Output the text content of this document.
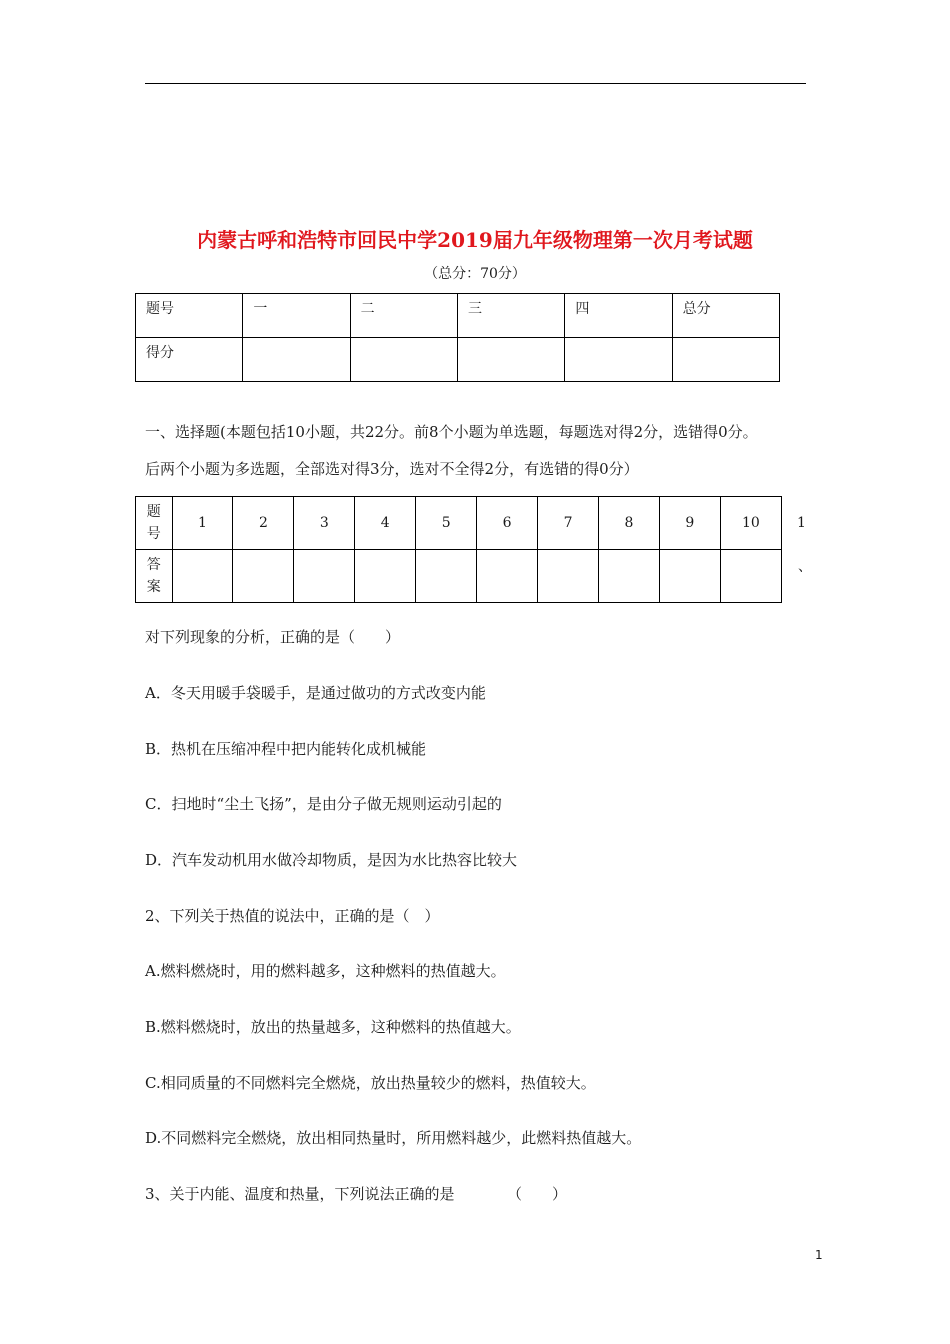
内蒙古呼和浩特市回民中学2019届九年级物理第一次月考试题
（总分：70分）
题号	一	二	三	四	总分
得分					
一、选择题(本题包括10小题，共22分。前8个小题为单选题，每题选对得2分，选错得0分。
后两个小题为多选题，全部选对得3分，选对不全得2分，有选错的得0分）
题
号	1	2	3	4	5	6	7	8	9	10
答
案										
1
、
对下列现象的分析，正确的是（　　）
A．冬天用暖手袋暖手，是通过做功的方式改变内能
B．热机在压缩冲程中把内能转化成机械能
C．扫地时“尘土飞扬”，是由分子做无规则运动引起的
D．汽车发动机用水做冷却物质，是因为水比热容比较大
2、下列关于热值的说法中，正确的是（　）
A.燃料燃烧时，用的燃料越多，这种燃料的热值越大。
B.燃料燃烧时，放出的热量越多，这种燃料的热值越大。
C.相同质量的不同燃料完全燃烧，放出热量较少的燃料，热值较大。
D.不同燃料完全燃烧，放出相同热量时，所用燃料越少，此燃料热值越大。
3、关于内能、温度和热量，下列说法正确的是　　　　（　　）
1
